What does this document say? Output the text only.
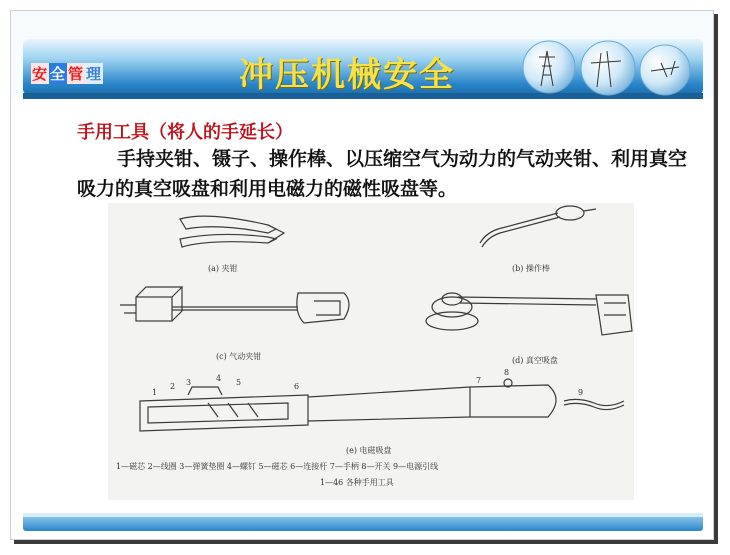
安 全 管 理	冲压机械安全
手用工具（将人的手延长）
手持夹钳、镊子、操作棒、以压缩空气为动力的气动夹钳、利用真空吸力的真空吸盘和利用电磁力的磁性吸盘等。
(a) 夹钳	(b) 操作棒
(c) 气动夹钳	(d) 真空吸盘
(e) 电磁吸盘
1
2 3	4 5	6
7
8
9
1—磁芯 2—线圈 3—弹簧垫圈 4—螺钉 5—磁芯 6—连接杆 7—手柄 8—开关 9—电源引线
1—46 各种手用工具
